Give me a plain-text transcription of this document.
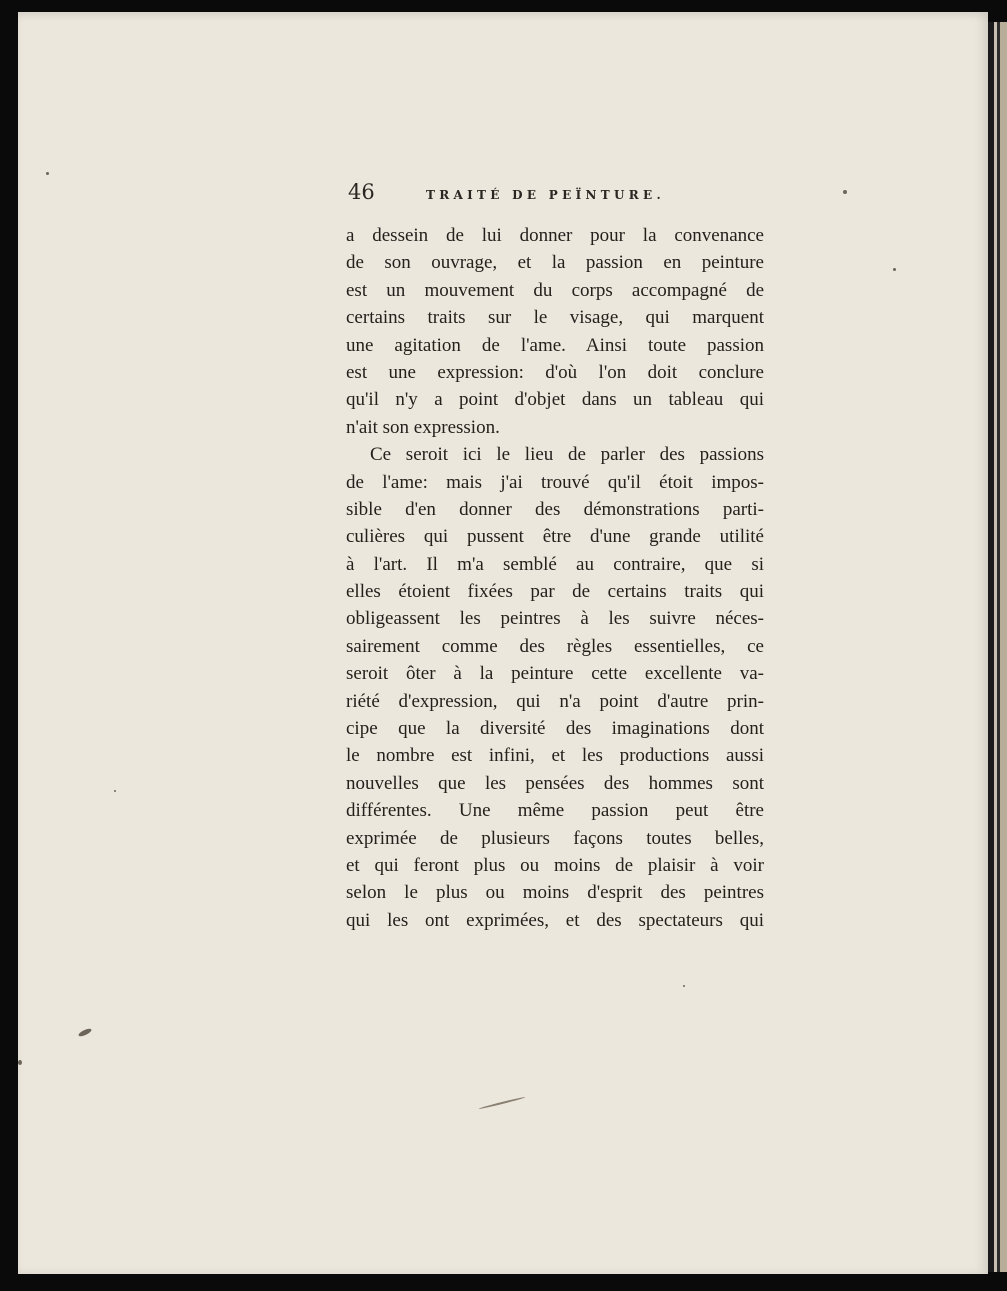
46	TRAITÉ DE PEÏNTURE.
a dessein de lui donner pour la convenance
de son ouvrage, et la passion en peinture
est un mouvement du corps accompagné de
certains traits sur le visage, qui marquent
une agitation de l'ame. Ainsi toute passion
est une expression: d'où l'on doit conclure
qu'il n'y a point d'objet dans un tableau qui
n'ait son expression.
Ce seroit ici le lieu de parler des passions
de l'ame: mais j'ai trouvé qu'il étoit impos-
sible d'en donner des démonstrations parti-
culières qui pussent être d'une grande utilité
à l'art. Il m'a semblé au contraire, que si
elles étoient fixées par de certains traits qui
obligeassent les peintres à les suivre néces-
sairement comme des règles essentielles, ce
seroit ôter à la peinture cette excellente va-
riété d'expression, qui n'a point d'autre prin-
cipe que la diversité des imaginations dont
le nombre est infini, et les productions aussi
nouvelles que les pensées des hommes sont
différentes. Une même passion peut être
exprimée de plusieurs façons toutes belles,
et qui feront plus ou moins de plaisir à voir
selon le plus ou moins d'esprit des peintres
qui les ont exprimées, et des spectateurs qui
